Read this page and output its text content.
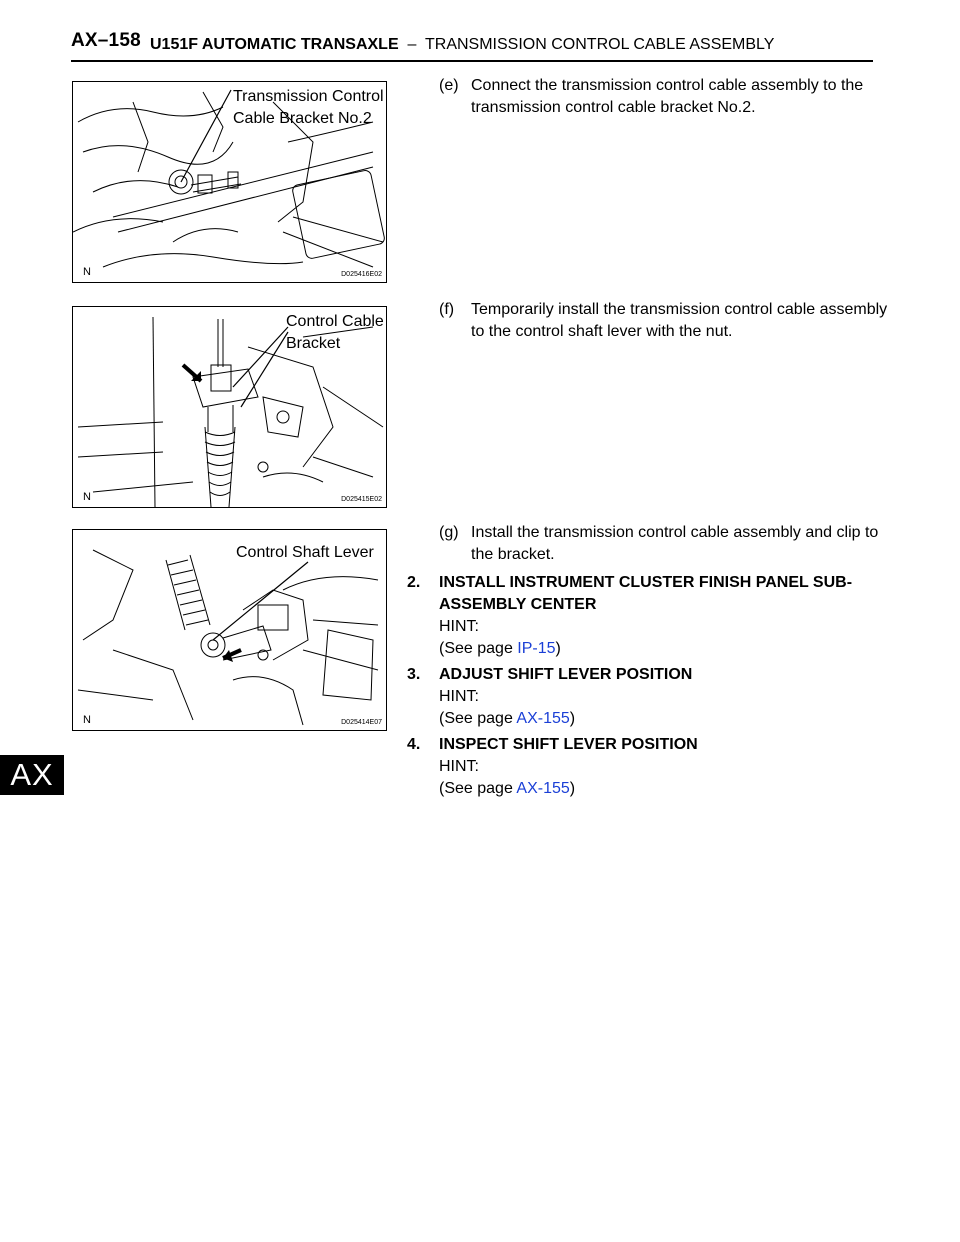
AX–158 U151F AUTOMATIC TRANSAXLE  –  TRANSMISSION CONTROL CABLE ASSEMBLY
AX
Transmission Control
Cable Bracket No.2
N	D025416E02
Control Cable
Bracket
N	D025415E02
Control Shaft Lever
N	D025414E07
(e) Connect the transmission control cable assembly to the transmission control cable bracket No.2.
(f) Temporarily install the transmission control cable assembly to the control shaft lever with the nut.
(g) Install the transmission control cable assembly and clip to the bracket.
2. INSTALL INSTRUMENT CLUSTER FINISH PANEL SUB-ASSEMBLY CENTER
HINT:
(See page IP-15)
3. ADJUST SHIFT LEVER POSITION
HINT:
(See page AX-155)
4. INSPECT SHIFT LEVER POSITION
HINT:
(See page AX-155)
